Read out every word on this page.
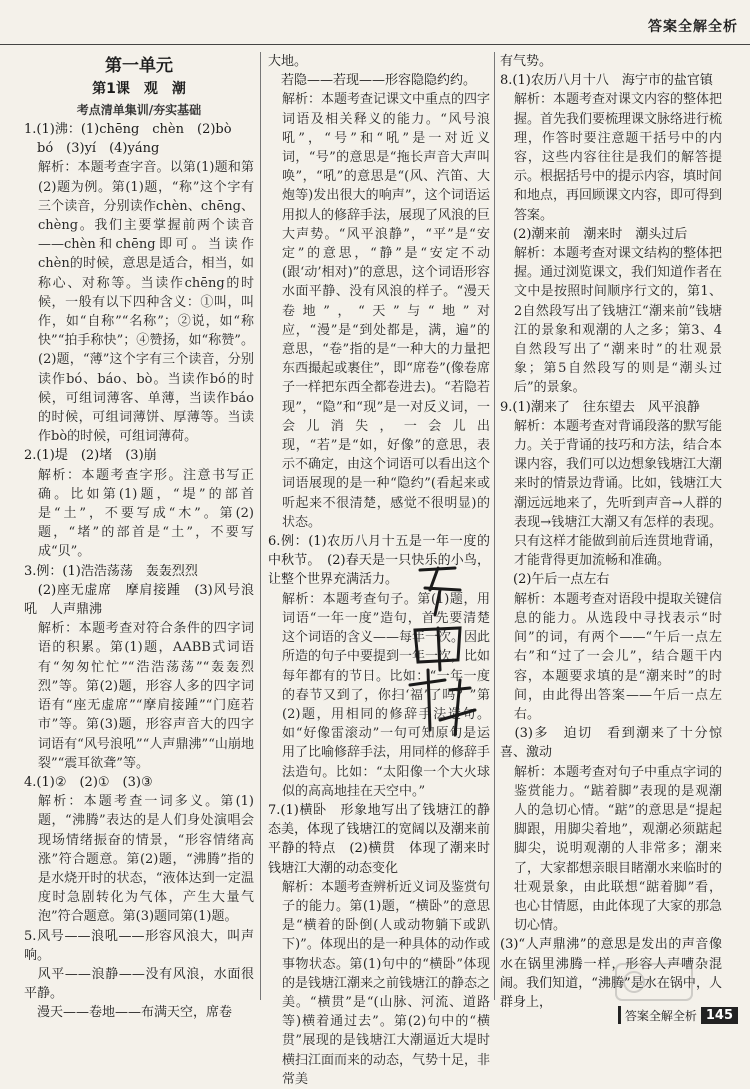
答案全解全析
第一单元
第1课　观　潮
考点清单集训/夯实基础

1.(1)沸：(1)chēng　chèn　(2)bò

　bó　(3)yí　(4)yáng

解析：本题考查字音。以第(1)题和第(2)题为例。第(1)题，“称”这个字有三个读音，分别读作chèn、chēng、chèng。我们主要掌握前两个读音——chèn和chēng即可。当读作chèn的时候，意思是适合，相当，如称心、对称等。当读作chēng的时候，一般有以下四种含义：①叫，叫作，如“自称”“名称”；②说，如“称快”“拍手称快”；④赞扬，如“称赞”。(2)题，“薄”这个字有三个读音，分别读作bó、báo、bò。当读作bó的时候，可组词薄客、单薄，当读作báo的时候，可组词薄饼、厚薄等。当读作bò的时候，可组词薄荷。

2.(1)堤　(2)堵　(3)崩

解析：本题考查字形。注意书写正确。比如第(1)题，“堤”的部首是“土”，不要写成“木”。第(2)题，“堵”的部首是“土”，不要写成“贝”。

3.例：(1)浩浩荡荡　轰轰烈烈

　(2)座无虚席　摩肩接踵　(3)风号浪吼　人声鼎沸

解析：本题考查对符合条件的四字词语的积累。第(1)题，AABB式词语有“匆匆忙忙”“浩浩荡荡”“轰轰烈烈”等。第(2)题，形容人多的四字词语有“座无虚席”“摩肩接踵”“门庭若市”等。第(3)题，形容声音大的四字词语有“风号浪吼”“人声鼎沸”“山崩地裂”“震耳欲聋”等。

4.(1)②　(2)①　(3)③

解析：本题考查一词多义。第(1)题，“沸腾”表达的是人们身处演唱会现场情绪振奋的情景，“形容情绪高涨”符合题意。第(2)题，“沸腾”指的是水烧开时的状态，“液体达到一定温度时急剧转化为气体，产生大量气泡”符合题意。第(3)题同第(1)题。

5.风号——浪吼——形容风浪大，叫声响。

　风平——浪静——没有风浪，水面很平静。

　漫天——卷地——布满天空，席卷

大地。

　若隐——若现——形容隐隐约约。

解析：本题考查记课文中重点的四字词语及相关释义的能力。“风号浪吼”，“号”和“吼”是一对近义词，“号”的意思是“拖长声音大声叫唤”，“吼”的意思是“(风、汽笛、大炮等)发出很大的响声”，这个词语运用拟人的修辞手法，展现了风浪的巨大声势。“风平浪静”，“平”是“安定”的意思，“静”是“安定不动(跟‘动’相对)”的意思，这个词语形容水面平静、没有风浪的样子。“漫天卷地”，“天”与“地”对应，“漫”是“到处都是，满，遍”的意思，“卷”指的是“一种大的力量把东西撮起或裹住”，即“席卷”(像卷席子一样把东西全都卷进去)。“若隐若现”，“隐”和“现”是一对反义词，一会儿消失，一会儿出现，“若”是“如，好像”的意思，表示不确定，由这个词语可以看出这个词语展现的是一种“隐约”(看起来或听起来不很清楚，感觉不很明显)的状态。

6.例：(1)农历八月十五是一年一度的中秋节。　(2)春天是一只快乐的小鸟，让整个世界充满活力。

解析：本题考查句子。第(1)题，用词语“一年一度”造句，首先要清楚这个词语的含义——每年一次。因此所造的句子中要提到一年一次，比如每年都有的节日。比如：“一年一度的春节又到了，你扫‘福’了吗？”第(2)题，用相同的修辞手法造句。如“好像雷滚动”一句可知原句是运用了比喻修辞手法，用同样的修辞手法造句。比如：“太阳像一个大火球似的高高地挂在天空中。”

7.(1)横卧　形象地写出了钱塘江的静态美，体现了钱塘江的宽阔以及潮来前平静的特点　(2)横贯　体现了潮来时钱塘江大潮的动态变化

解析：本题考查辨析近义词及鉴赏句子的能力。第(1)题，“横卧”的意思是“横着的卧倒(人或动物躺下或趴下)”。体现出的是一种具体的动作或事物状态。第(1)句中的“横卧”体现的是钱塘江潮来之前钱塘江的静态之美。“横贯”是“(山脉、河流、道路等)横着通过去”。第(2)句中的“横贯”展现的是钱塘江大潮逼近大堤时横扫江面而来的动态，气势十足，非常美

有气势。

8.(1)农历八月十八　海宁市的盐官镇

解析：本题考查对课文内容的整体把握。首先我们要梳理课文脉络进行梳理，作答时要注意题干括号中的内容，这些内容往往是我们的解答提示。根据括号中的提示内容，填时间和地点，再回顾课文内容，即可得到答案。

　(2)潮来前　潮来时　潮头过后

解析：本题考查对课文结构的整体把握。通过浏览课文，我们知道作者在文中是按照时间顺序行文的，第1、2自然段写出了钱塘江“潮来前”钱塘江的景象和观潮的人之多；第3、4自然段写出了“潮来时”的壮观景象；第5自然段写的则是“潮头过后”的景象。

9.(1)潮来了　往东望去　风平浪静

解析：本题考查对背诵段落的默写能力。关于背诵的技巧和方法，结合本课内容，我们可以边想象钱塘江大潮来时的情景边背诵。比如，钱塘江大潮远远地来了，先听到声音→人群的表现→钱塘江大潮又有怎样的表现。只有这样才能做到前后连贯地背诵，才能背得更加流畅和准确。

　(2)午后一点左右

解析：本题考查对语段中提取关键信息的能力。从选段中寻找表示“时间”的词，有两个——“午后一点左右”和“过了一会儿”，结合题干内容，本题要求填的是“潮来时”的时间，由此得出答案——午后一点左右。

　(3)多　迫切　看到潮来了十分惊喜、激动

解析：本题考查对句子中重点字词的鉴赏能力。“踮着脚”表现的是观潮人的急切心情。“踮”的意思是“提起脚跟，用脚尖着地”，观潮必须踮起脚尖，说明观潮的人非常多；潮来了，大家都想亲眼目睹潮水来临时的壮观景象，由此联想“踮着脚”看，也心甘情愿，由此体现了大家的那急切心情。

(3)“人声鼎沸”的意思是发出的声音像水在锅里沸腾一样，形容人声嘈杂混闹。我们知道，“沸腾”是水在锅中，人群身上，

答案全解全析 145
